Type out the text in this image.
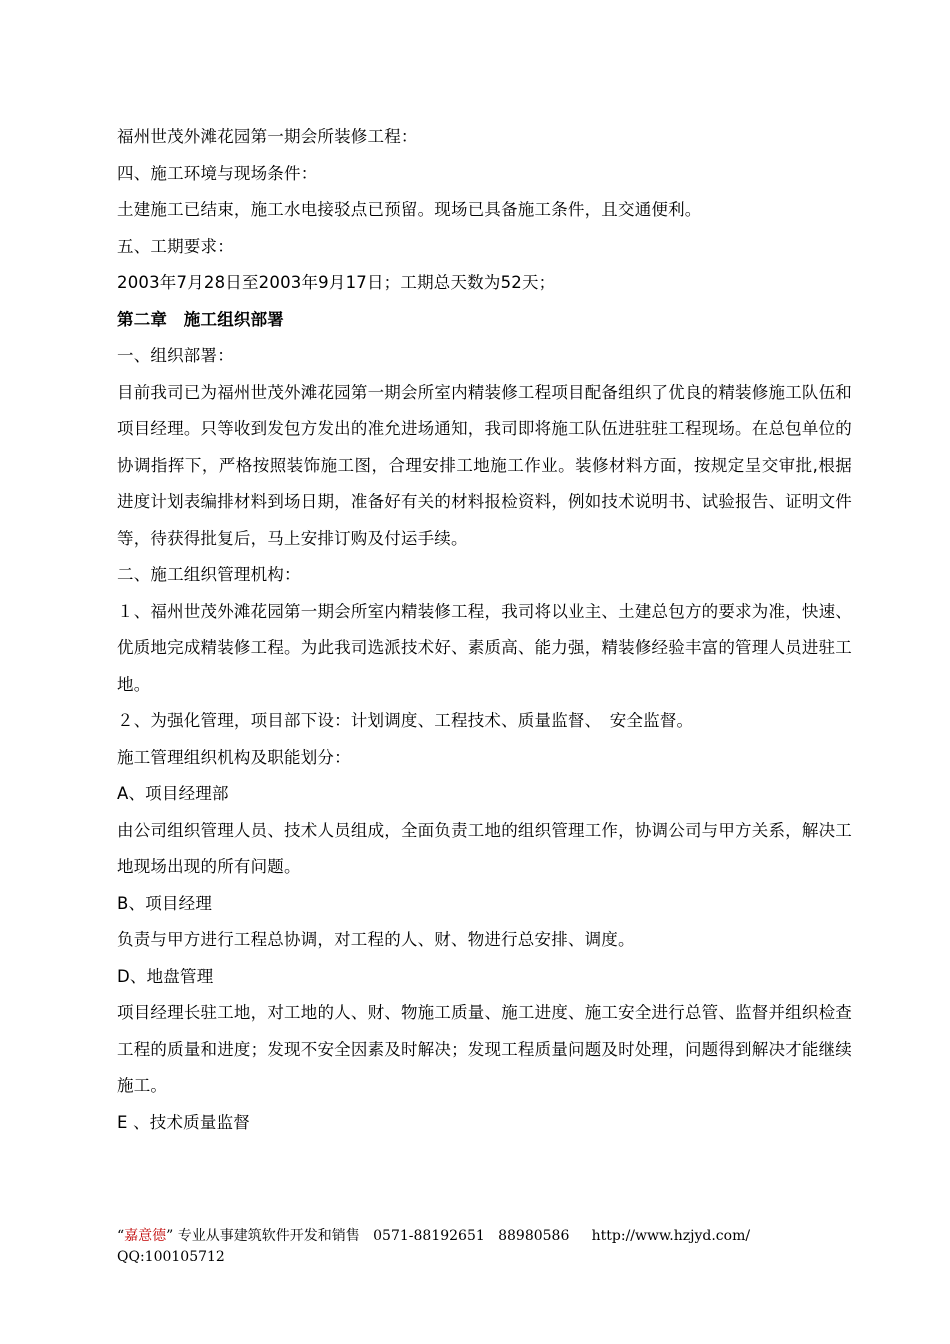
福州世茂外滩花园第一期会所装修工程：

四、施工环境与现场条件：

土建施工已结束，施工水电接驳点已预留。现场已具备施工条件，且交通便利。

五、工期要求：

2003年7月28日至2003年9月17日；工期总天数为52天；

第二章　施工组织部署

一、组织部署：

目前我司已为福州世茂外滩花园第一期会所室内精装修工程项目配备组织了优良的精装修施工队伍和项目经理。只等收到发包方发出的准允进场通知，我司即将施工队伍进驻驻工程现场。在总包单位的协调指挥下，严格按照装饰施工图，合理安排工地施工作业。装修材料方面，按规定呈交审批,根据进度计划表编排材料到场日期，准备好有关的材料报检资料，例如技术说明书、试验报告、证明文件等，待获得批复后，马上安排订购及付运手续。

二、施工组织管理机构：

１、福州世茂外滩花园第一期会所室内精装修工程，我司将以业主、土建总包方的要求为准，快速、优质地完成精装修工程。为此我司选派技术好、素质高、能力强，精装修经验丰富的管理人员进驻工地。

２、为强化管理，项目部下设：计划调度、工程技术、质量监督、　安全监督。

施工管理组织机构及职能划分：

A、项目经理部

由公司组织管理人员、技术人员组成，全面负责工地的组织管理工作，协调公司与甲方关系，解决工地现场出现的所有问题。

B、项目经理

负责与甲方进行工程总协调，对工程的人、财、物进行总安排、调度。

D、地盘管理

项目经理长驻工地，对工地的人、财、物施工质量、施工进度、施工安全进行总管、监督并组织检查工程的质量和进度；发现不安全因素及时解决；发现工程质量问题及时处理，问题得到解决才能继续施工。

E 、技术质量监督

“嘉意德” 专业从事建筑软件开发和销售   0571-88192651   88980586     http://www.hzjyd.com/
QQ:100105712
